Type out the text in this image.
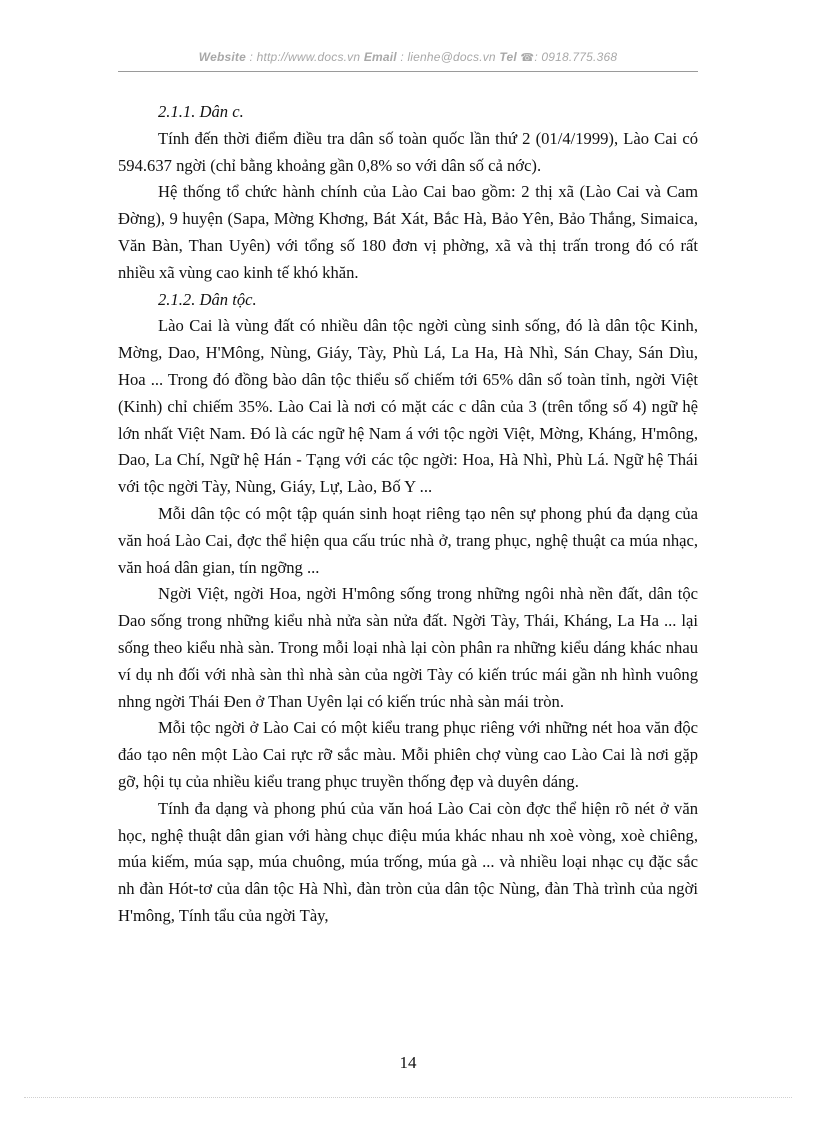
Website : http://www.docs.vn Email : lienhe@docs.vn Tel ☎: 0918.775.368

2.1.1. Dân c.

Tính đến thời điểm điều tra dân số toàn quốc lần thứ 2 (01/4/1999), Lào Cai có 594.637 ngời (chỉ bằng khoảng gần 0,8% so với dân số cả nớc).

Hệ thống tổ chức hành chính của Lào Cai bao gồm: 2 thị xã (Lào Cai và Cam Đờng), 9 huyện (Sapa, Mờng Khơng, Bát Xát, Bắc Hà, Bảo Yên, Bảo Thắng, Simaica, Văn Bàn, Than Uyên) với tổng số 180 đơn vị phờng, xã và thị trấn trong đó có rất nhiều xã vùng cao kinh tế khó khăn.

2.1.2. Dân tộc.

Lào Cai là vùng đất có nhiều dân tộc ngời cùng sinh sống, đó là dân tộc Kinh, Mờng, Dao, H'Mông, Nùng, Giáy, Tày, Phù Lá, La Ha, Hà Nhì, Sán Chay, Sán Dìu, Hoa ... Trong đó đồng bào dân tộc thiểu số chiếm tới 65% dân số toàn tỉnh, ngời Việt (Kinh) chỉ chiếm 35%. Lào Cai là nơi có mặt các c dân của 3 (trên tổng số 4) ngữ hệ lớn nhất Việt Nam. Đó là các ngữ hệ Nam á với tộc ngời Việt, Mờng, Kháng, H'mông, Dao, La Chí, Ngữ hệ Hán - Tạng với các tộc ngời: Hoa, Hà Nhì, Phù Lá. Ngữ hệ Thái với tộc ngời Tày, Nùng, Giáy, Lự, Lào, Bố Y ...

Mỗi dân tộc có một tập quán sinh hoạt riêng tạo nên sự phong phú đa dạng của văn hoá Lào Cai, đợc thể hiện qua cấu trúc nhà ở, trang phục, nghệ thuật ca múa nhạc, văn hoá dân gian, tín ngỡng ...

Ngời Việt, ngời Hoa, ngời H'mông sống trong những ngôi nhà nền đất, dân tộc Dao sống trong những kiểu nhà nửa sàn nửa đất. Ngời Tày, Thái, Kháng, La Ha ... lại sống theo kiểu nhà sàn. Trong mỗi loại nhà lại còn phân ra những kiểu dáng khác nhau ví dụ nh đối với nhà sàn thì nhà sàn của ngời Tày có kiến trúc mái gần nh hình vuông nhng ngời Thái Đen ở Than Uyên lại có kiến trúc nhà sàn mái tròn.

Mỗi tộc ngời ở Lào Cai có một kiểu trang phục riêng với những nét hoa văn độc đáo tạo nên một Lào Cai rực rỡ sắc màu. Mỗi phiên chợ vùng cao Lào Cai là nơi gặp gỡ, hội tụ của nhiều kiểu trang phục truyền thống đẹp và duyên dáng.

Tính đa dạng và phong phú của văn hoá Lào Cai còn đợc thể hiện rõ nét ở văn học, nghệ thuật dân gian với hàng chục điệu múa khác nhau nh xoè vòng, xoè chiêng, múa kiếm, múa sạp, múa chuông, múa trống, múa gà ... và nhiều loại nhạc cụ đặc sắc nh đàn Hót-tơ của dân tộc Hà Nhì, đàn tròn của dân tộc Nùng, đàn Thà trình của ngời H'mông, Tính tẩu của ngời Tày,

14
